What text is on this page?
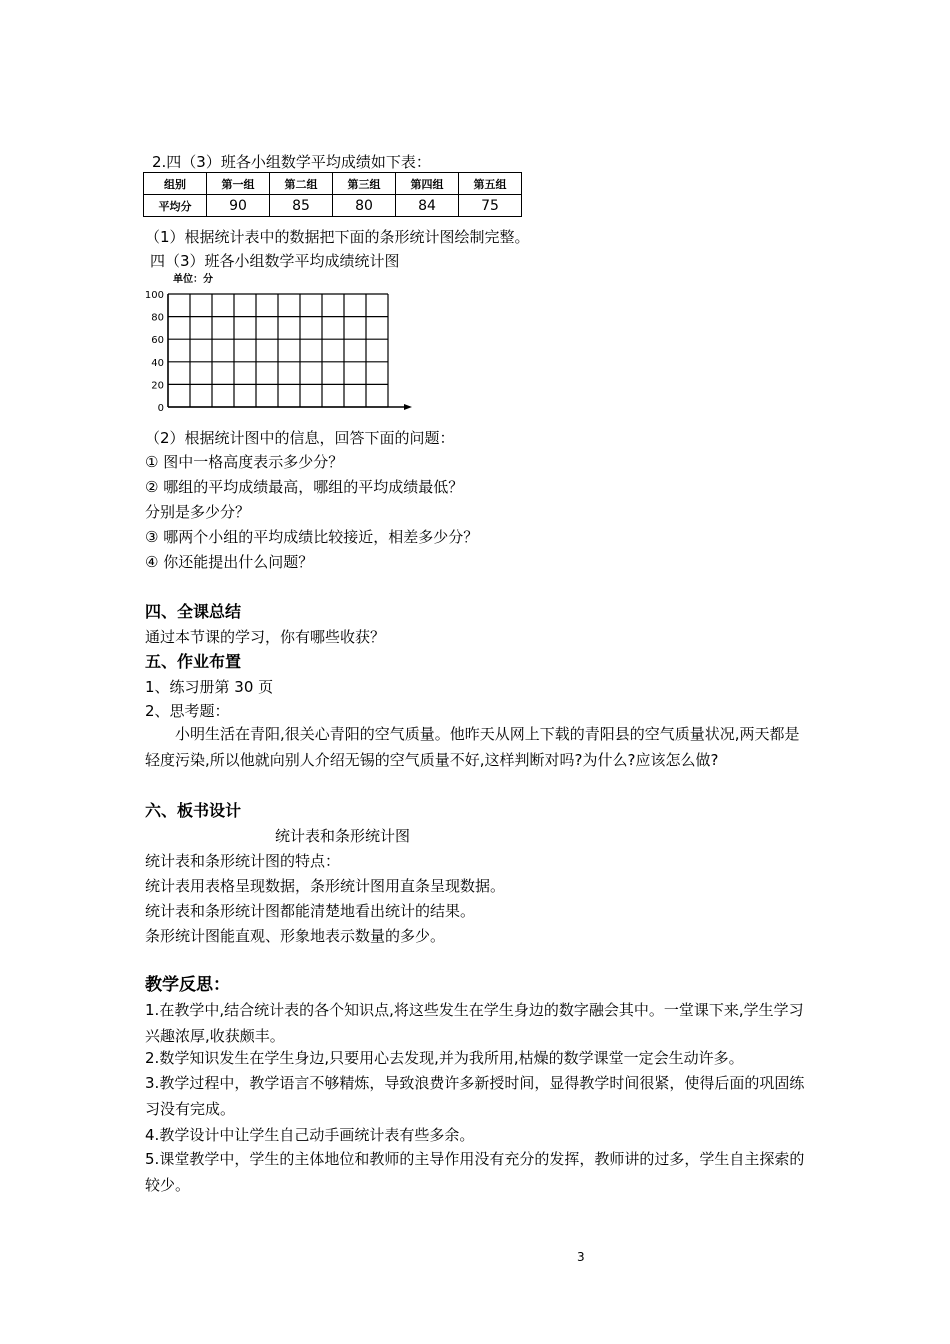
2.四（3）班各小组数学平均成绩如下表：
组别	第一组	第二组	第三组	第四组	第五组
平均分	90	85	80	84	75
（1）根据统计表中的数据把下面的条形统计图绘制完整。
四（3）班各小组数学平均成绩统计图
单位：分
100
80
60
40
20
0
（2）根据统计图中的信息，回答下面的问题：
① 图中一格高度表示多少分？
② 哪组的平均成绩最高，哪组的平均成绩最低？
分别是多少分？
③ 哪两个小组的平均成绩比较接近，相差多少分？
④ 你还能提出什么问题？
四、全课总结
通过本节课的学习，你有哪些收获？
五、作业布置
1、练习册第 30 页
2、思考题：
小明生活在青阳,很关心青阳的空气质量。他昨天从网上下载的青阳县的空气质量状况,两天都是轻度污染,所以他就向别人介绍无锡的空气质量不好,这样判断对吗?为什么?应该怎么做?
六、板书设计
统计表和条形统计图
统计表和条形统计图的特点：
统计表用表格呈现数据，条形统计图用直条呈现数据。
统计表和条形统计图都能清楚地看出统计的结果。
条形统计图能直观、形象地表示数量的多少。
教学反思：
1.在教学中,结合统计表的各个知识点,将这些发生在学生身边的数字融会其中。一堂课下来,学生学习兴趣浓厚,收获颇丰。
2.数学知识发生在学生身边,只要用心去发现,并为我所用,枯燥的数学课堂一定会生动许多。
3.教学过程中，教学语言不够精炼，导致浪费许多新授时间，显得教学时间很紧，使得后面的巩固练习没有完成。
4.教学设计中让学生自己动手画统计表有些多余。
5.课堂教学中，学生的主体地位和教师的主导作用没有充分的发挥，教师讲的过多，学生自主探索的较少。
3
